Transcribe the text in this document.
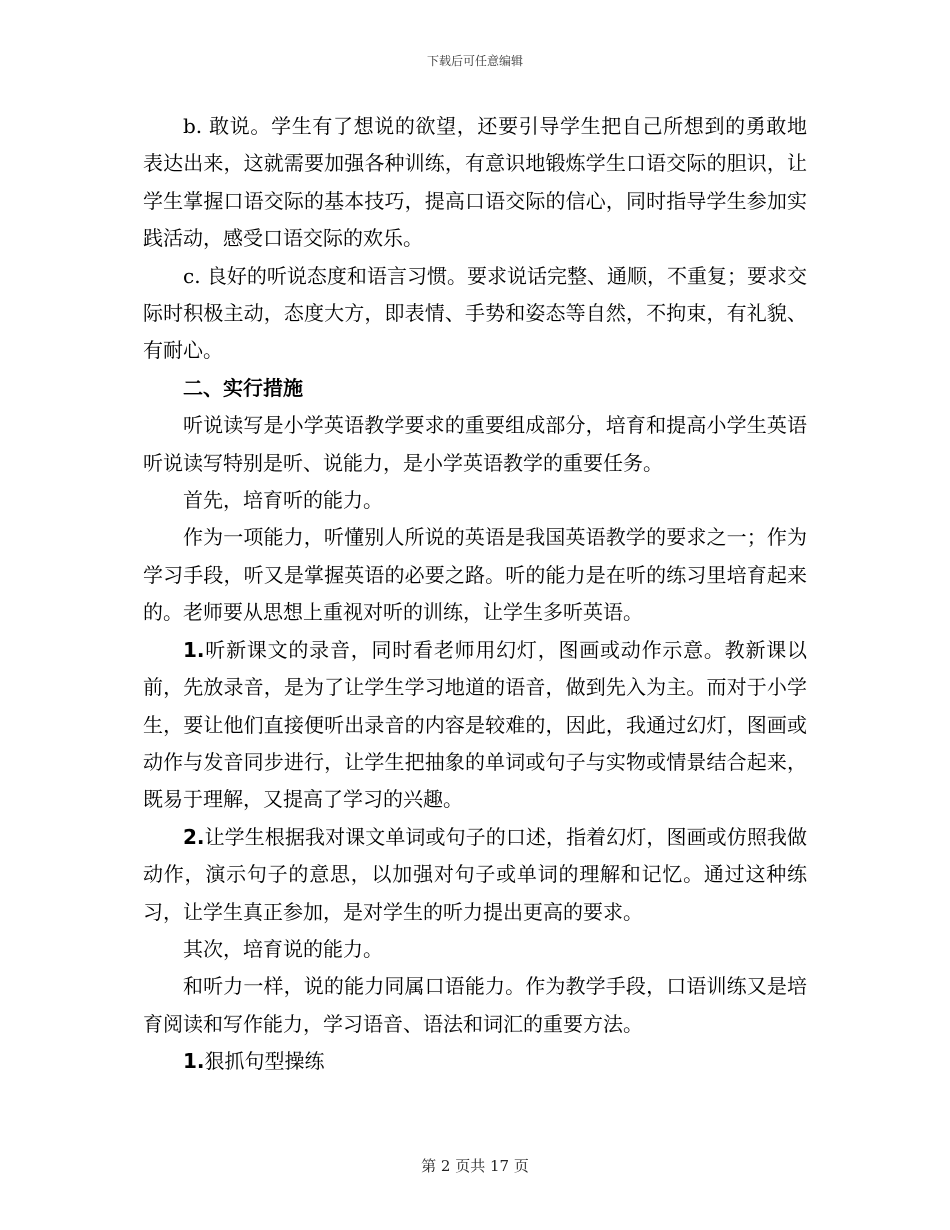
下载后可任意编辑

b. 敢说。学生有了想说的欲望，还要引导学生把自己所想到的勇敢地表达出来，这就需要加强各种训练，有意识地锻炼学生口语交际的胆识，让学生掌握口语交际的基本技巧，提高口语交际的信心，同时指导学生参加实践活动，感受口语交际的欢乐。

c. 良好的听说态度和语言习惯。要求说话完整、通顺，不重复；要求交际时积极主动，态度大方，即表情、手势和姿态等自然，不拘束，有礼貌、有耐心。

二、实行措施

听说读写是小学英语教学要求的重要组成部分，培育和提高小学生英语听说读写特别是听、说能力，是小学英语教学的重要任务。

首先，培育听的能力。

作为一项能力，听懂别人所说的英语是我国英语教学的要求之一；作为学习手段，听又是掌握英语的必要之路。听的能力是在听的练习里培育起来的。老师要从思想上重视对听的训练，让学生多听英语。

1.听新课文的录音，同时看老师用幻灯，图画或动作示意。教新课以前，先放录音，是为了让学生学习地道的语音，做到先入为主。而对于小学生，要让他们直接便听出录音的内容是较难的，因此，我通过幻灯，图画或动作与发音同步进行，让学生把抽象的单词或句子与实物或情景结合起来，既易于理解，又提高了学习的兴趣。

2.让学生根据我对课文单词或句子的口述，指着幻灯，图画或仿照我做动作，演示句子的意思，以加强对句子或单词的理解和记忆。通过这种练习，让学生真正参加，是对学生的听力提出更高的要求。

其次，培育说的能力。

和听力一样，说的能力同属口语能力。作为教学手段，口语训练又是培育阅读和写作能力，学习语音、语法和词汇的重要方法。

1.狠抓句型操练

第 2 页共 17 页
